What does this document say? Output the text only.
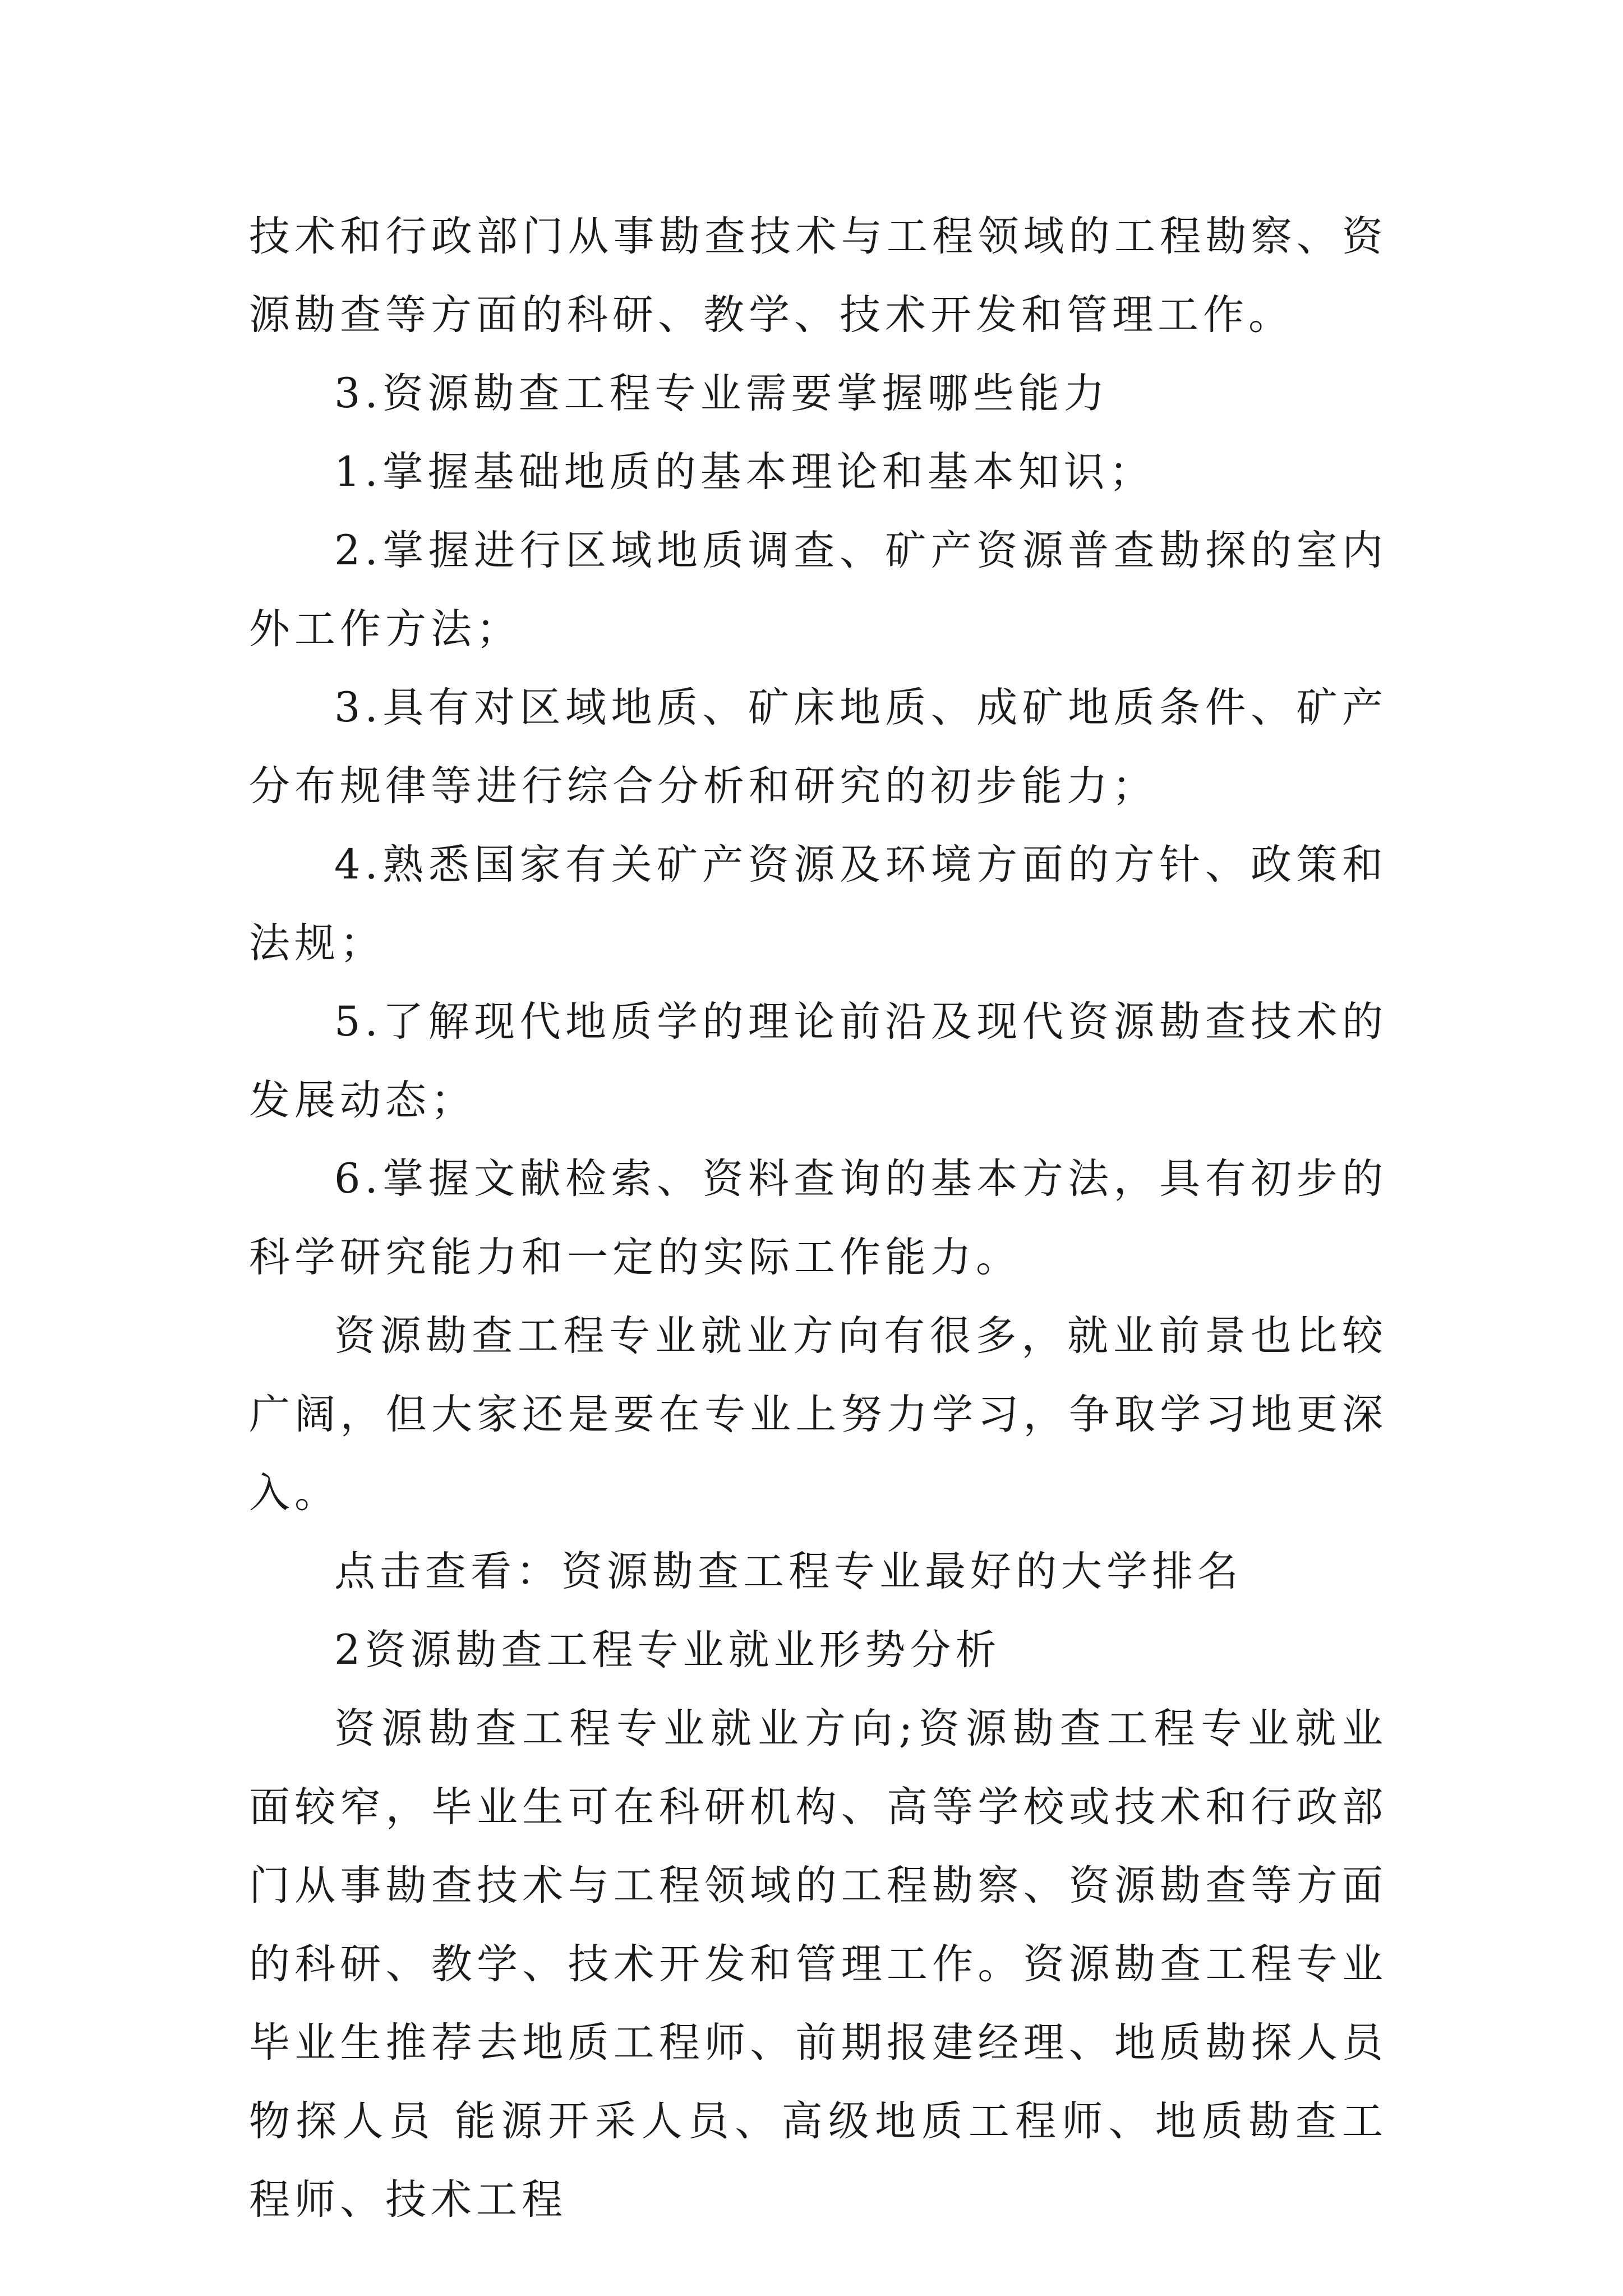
技术和行政部门从事勘查技术与工程领域的工程勘察、资源勘查等方面的科研、教学、技术开发和管理工作。

3.资源勘查工程专业需要掌握哪些能力

1.掌握基础地质的基本理论和基本知识；

2.掌握进行区域地质调查、矿产资源普查勘探的室内外工作方法；

3.具有对区域地质、矿床地质、成矿地质条件、矿产分布规律等进行综合分析和研究的初步能力；

4.熟悉国家有关矿产资源及环境方面的方针、政策和法规；

5.了解现代地质学的理论前沿及现代资源勘查技术的发展动态；

6.掌握文献检索、资料查询的基本方法，具有初步的科学研究能力和一定的实际工作能力。

资源勘查工程专业就业方向有很多，就业前景也比较广阔，但大家还是要在专业上努力学习，争取学习地更深入。

点击查看：资源勘查工程专业最好的大学排名

2资源勘查工程专业就业形势分析

资源勘查工程专业就业方向;资源勘查工程专业就业面较窄，毕业生可在科研机构、高等学校或技术和行政部门从事勘查技术与工程领域的工程勘察、资源勘查等方面的科研、教学、技术开发和管理工作。资源勘查工程专业毕业生推荐去地质工程师、前期报建经理、地质勘探人员 物探人员 能源开采人员、高级地质工程师、地质勘查工程师、技术工程
